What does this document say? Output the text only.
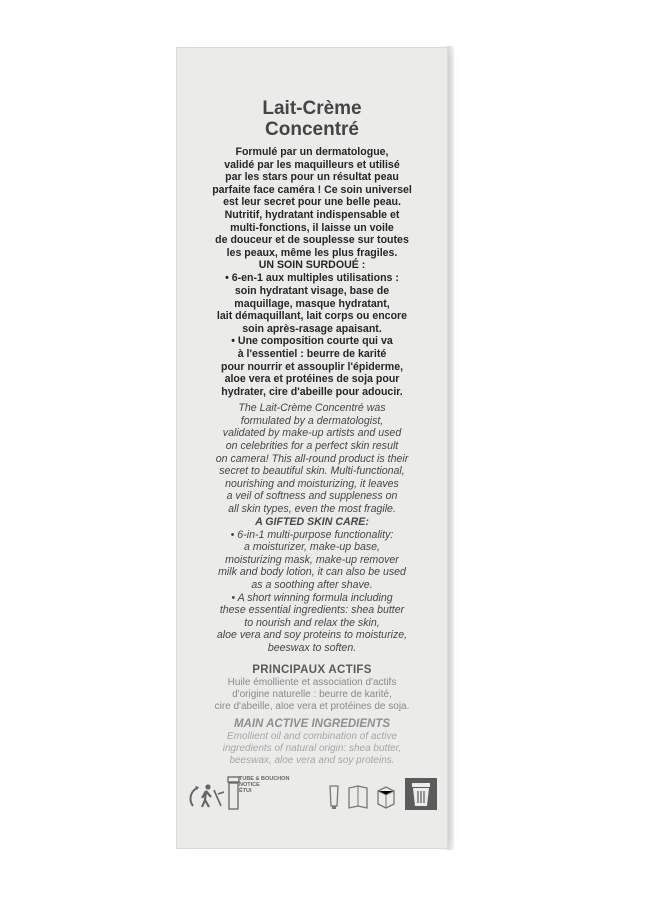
Lait-Crème
Concentré
Formulé par un dermatologue,
validé par les maquilleurs et utilisé
par les stars pour un résultat peau
parfaite face caméra ! Ce soin universel
est leur secret pour une belle peau.
Nutritif, hydratant indispensable et
multi-fonctions, il laisse un voile
de douceur et de souplesse sur toutes
les peaux, même les plus fragiles.
UN SOIN SURDOUÉ :
• 6-en-1 aux multiples utilisations :
soin hydratant visage, base de
maquillage, masque hydratant,
lait démaquillant, lait corps ou encore
soin après-rasage apaisant.
• Une composition courte qui va
à l'essentiel : beurre de karité
pour nourrir et assouplir l'épiderme,
aloe vera et protéines de soja pour
hydrater, cire d'abeille pour adoucir.
The Lait-Crème Concentré was
formulated by a dermatologist,
validated by make-up artists and used
on celebrities for a perfect skin result
on camera! This all-round product is their
secret to beautiful skin. Multi-functional,
nourishing and moisturizing, it leaves
a veil of softness and suppleness on
all skin types, even the most fragile.
A GIFTED SKIN CARE:
• 6-in-1 multi-purpose functionality:
a moisturizer, make-up base,
moisturizing mask, make-up remover
milk and body lotion, it can also be used
as a soothing after shave.
• A short winning formula including
these essential ingredients: shea butter
to nourish and relax the skin,
aloe vera and soy proteins to moisturize,
beeswax to soften.
PRINCIPAUX ACTIFS
Huile émolliente et association d'actifs
d'origine naturelle : beurre de karité,
cire d'abeille, aloe vera et protéines de soja.
MAIN ACTIVE INGREDIENTS
Emollient oil and combination of active
ingredients of natural origin: shea butter,
beeswax, aloe vera and soy proteins.
TUBE & BOUCHON
NOTICE
ÉTUI
